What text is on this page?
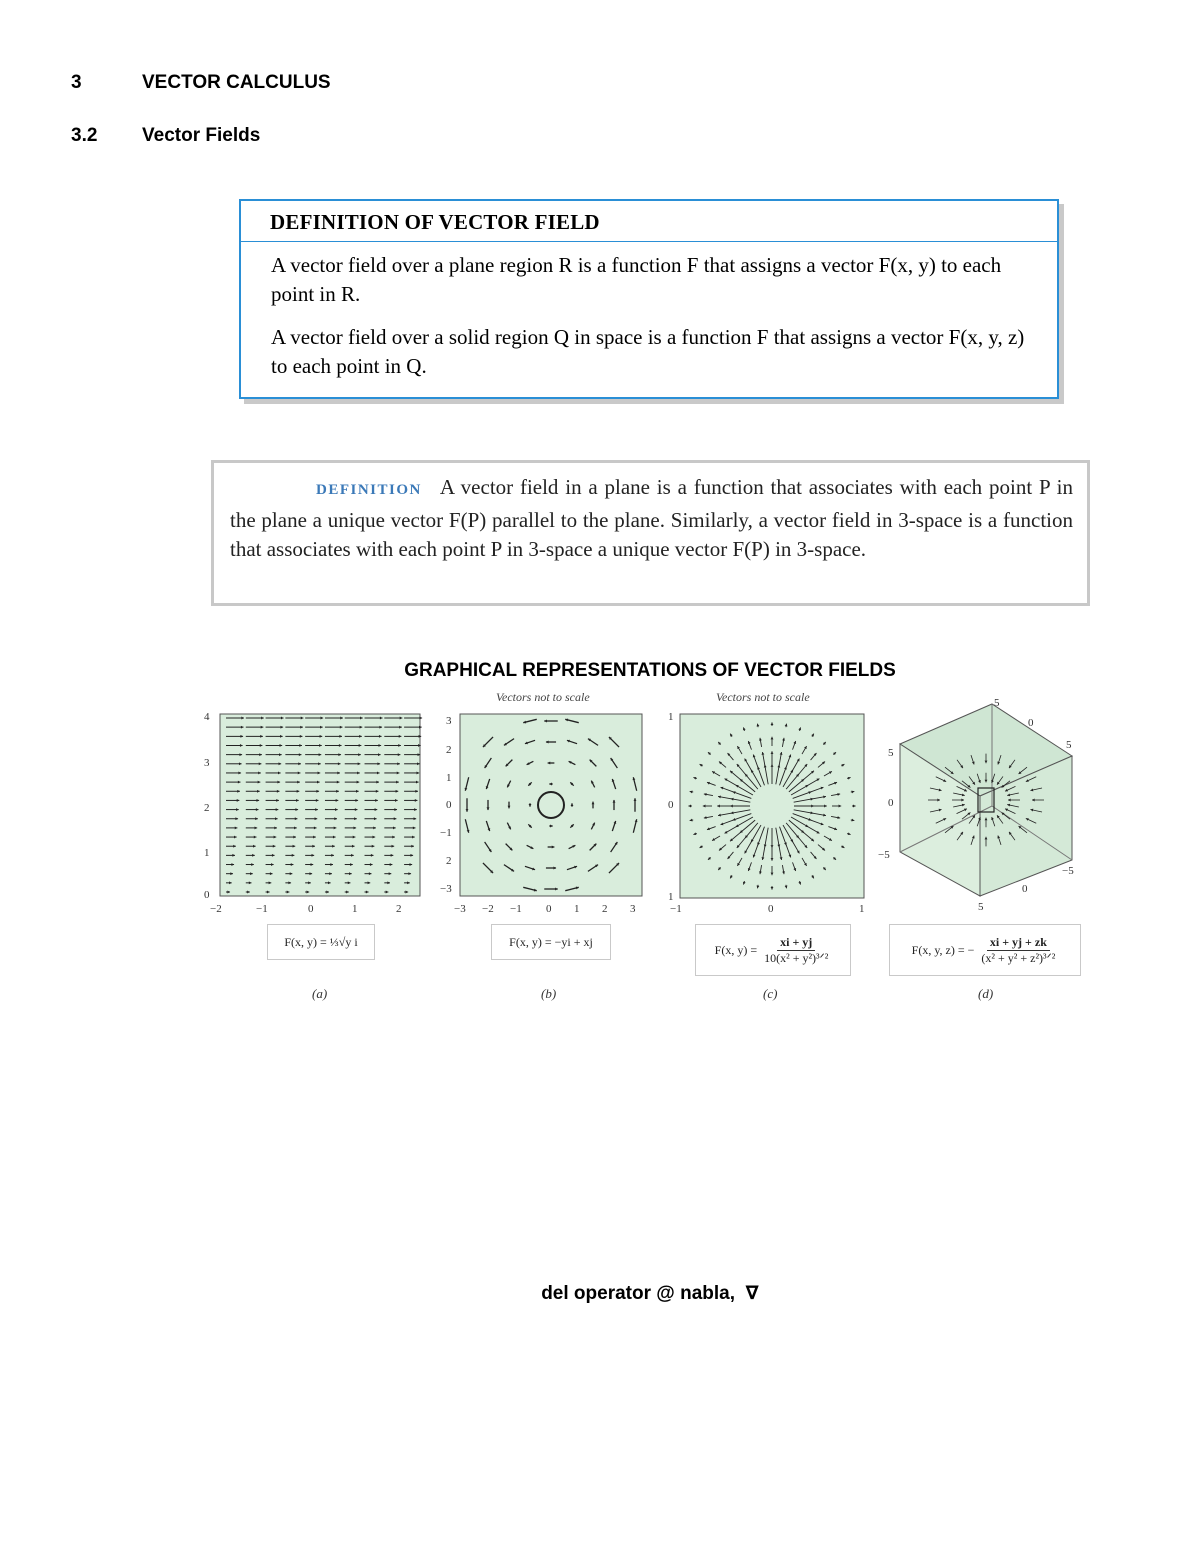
3	VECTOR CALCULUS
3.2 Vector Fields
DEFINITION OF VECTOR FIELD
A vector field over a plane region R is a function F that assigns a vector F(x, y) to each point in R.
A vector field over a solid region Q in space is a function F that assigns a vector F(x, y, z) to each point in Q.
DEFINITION A vector field in a plane is a function that associates with each point P in the plane a unique vector F(P) parallel to the plane. Similarly, a vector field in 3-space is a function that associates with each point P in 3-space a unique vector F(P) in 3-space.
GRAPHICAL REPRESENTATIONS OF VECTOR FIELDS
Vectors not to scale	Vectors not to scale
4
3
2
1
0
−2	−1	0	1	2
F(x, y) = ⅓√y i
(a)
3
2
1
0
−1
2
−3
−3 −2 −1 0 1 2 3
F(x, y) = −yi + xj
(b)
1
0
1
−1	0	1
F(x, $y) = \frac{xi + yj}{\text{10(x² + y²)³ᐟ²}}$
(c)
5
0
5
5
0
−5
−5
0
5
F(x, y, z) = − $\frac{xi + yj + zk}{\text{(x² + y² + z²)³ᐟ²}}$
(d)
del operator @ nabla,  ∇
